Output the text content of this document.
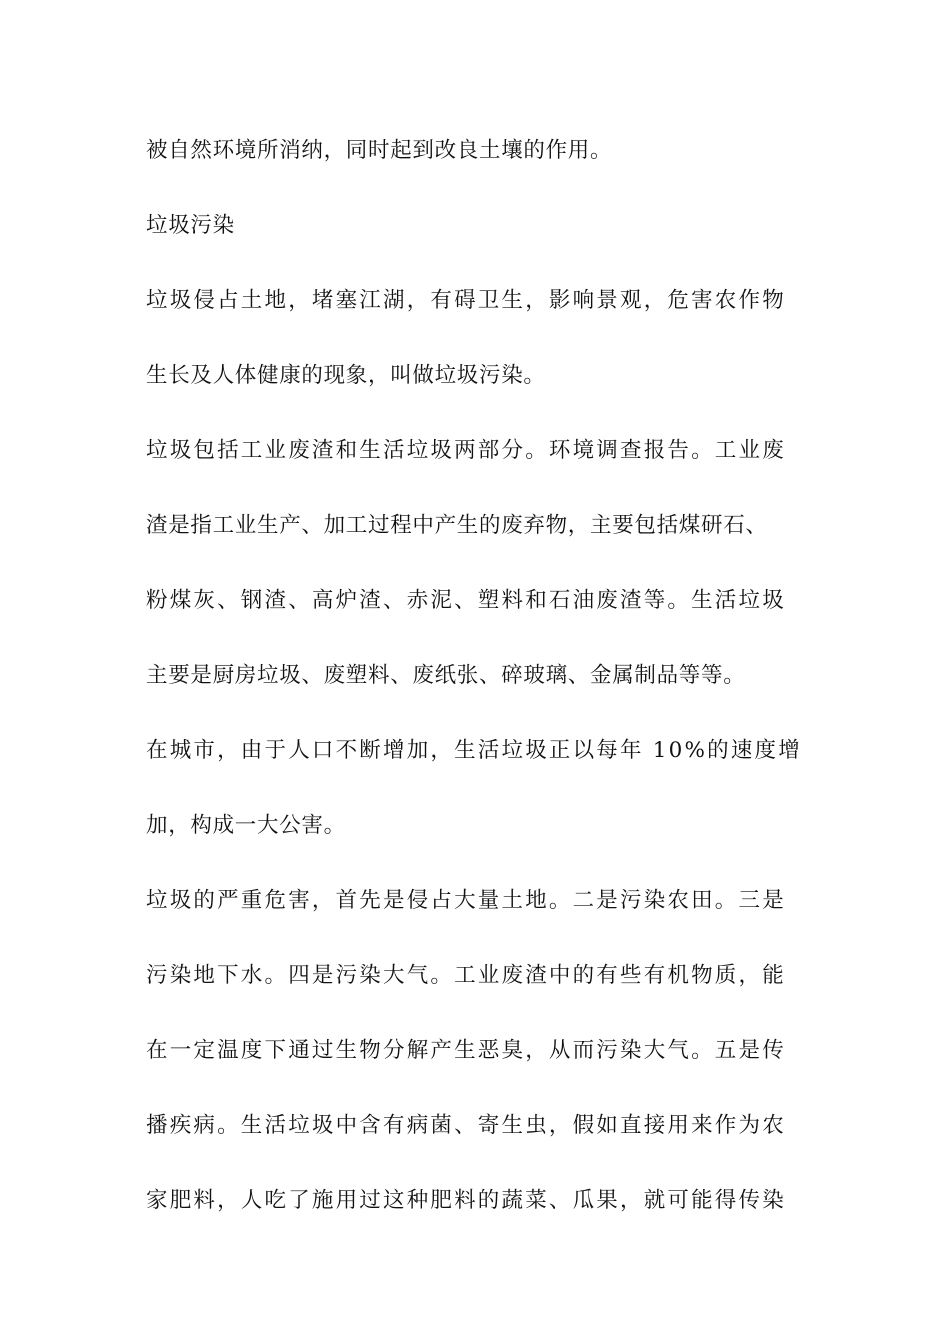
被自然环境所消纳，同时起到改良土壤的作用。

垃圾污染

垃圾侵占土地，堵塞江湖，有碍卫生，影响景观，危害农作物

生长及人体健康的现象，叫做垃圾污染。

垃圾包括工业废渣和生活垃圾两部分。环境调查报告。工业废

渣是指工业生产、加工过程中产生的废弃物，主要包括煤研石、

粉煤灰、钢渣、高炉渣、赤泥、塑料和石油废渣等。生活垃圾

主要是厨房垃圾、废塑料、废纸张、碎玻璃、金属制品等等。

在城市，由于人口不断增加，生活垃圾正以每年 10%的速度增

加，构成一大公害。

垃圾的严重危害，首先是侵占大量土地。二是污染农田。三是

污染地下水。四是污染大气。工业废渣中的有些有机物质，能

在一定温度下通过生物分解产生恶臭，从而污染大气。五是传

播疾病。生活垃圾中含有病菌、寄生虫，假如直接用来作为农

家肥料，人吃了施用过这种肥料的蔬菜、瓜果，就可能得传染
